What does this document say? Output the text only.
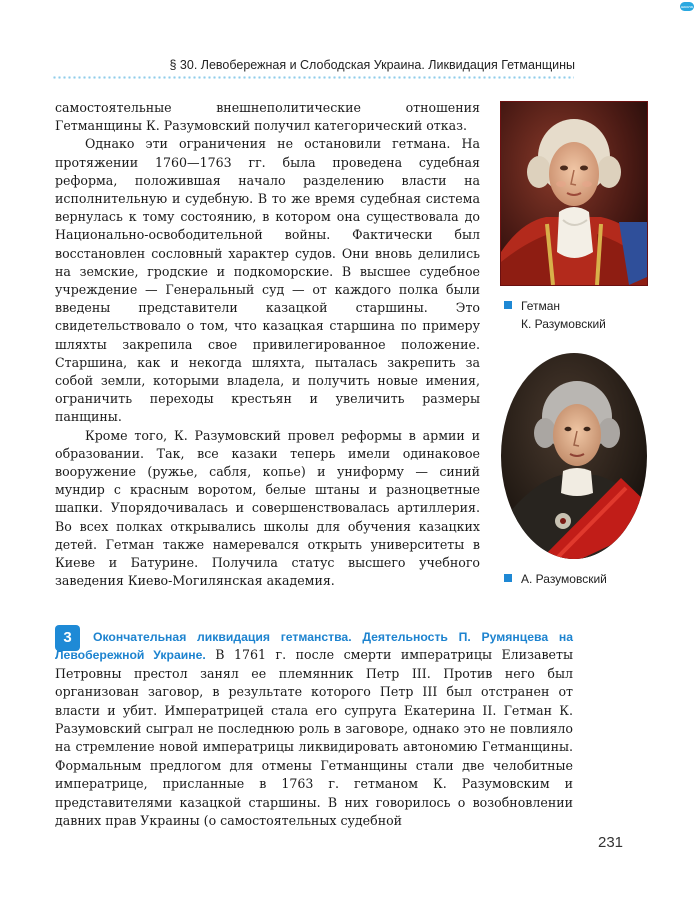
школа
§ 30. Левобережная и Слободская Украина. Ликвидация Гетманщины

самостоятельные внешнеполитические отношения Гетманщины К. Разумовский получил категорический отказ.

Однако эти ограничения не остановили гетмана. На протяжении 1760—1763 гг. была проведена судебная реформа, положившая начало разделению власти на исполнительную и судебную. В то же время судебная система вернулась к тому состоянию, в котором она существовала до Национально-освободительной войны. Фактически был восстановлен сословный характер судов. Они вновь делились на земские, гродские и подкоморские. В высшее судебное учреждение — Генеральный суд — от каждого полка были введены представители казацкой старшины. Это свидетельствовало о том, что казацкая старшина по примеру шляхты закрепила свое привилегированное положение. Старшина, как и некогда шляхта, пыталась закрепить за собой земли, которыми владела, и получить новые имения, ограничить переходы крестьян и увеличить размеры панщины.

Кроме того, К. Разумовский провел реформы в армии и образовании. Так, все казаки теперь имели одинаковое вооружение (ружье, сабля, копье) и униформу — синий мундир с красным воротом, белые штаны и разноцветные шапки. Упорядочивалась и совершенствовалась артиллерия. Во всех полках открывались школы для обучения казацких детей. Гетман также намеревался открыть университеты в Киеве и Батурине. Получила статус высшего учебного заведения Киево-Могилянская академия.

Гетман
К. Разумовский
А. Разумовский
3	Окончательная ликвидация гетманства. Деятельность П. Румянцева на Левобережной Украине. В 1761 г. после смерти императрицы Елизаветы Петровны престол занял ее племянник Петр III. Против него был организован заговор, в результате которого Петр III был отстранен от власти и убит. Императрицей стала его супруга Екатерина II. Гетман К. Разумовский сыграл не последнюю роль в заговоре, однако это не повлияло на стремление новой императрицы ликвидировать автономию Гетманщины. Формальным предлогом для отмены Гетманщины стали две челобитные императрице, присланные в 1763 г. гетманом К. Разумовским и представителями казацкой старшины. В них говорилось о возобновлении давних прав Украины (о самостоятельных судебной

231
